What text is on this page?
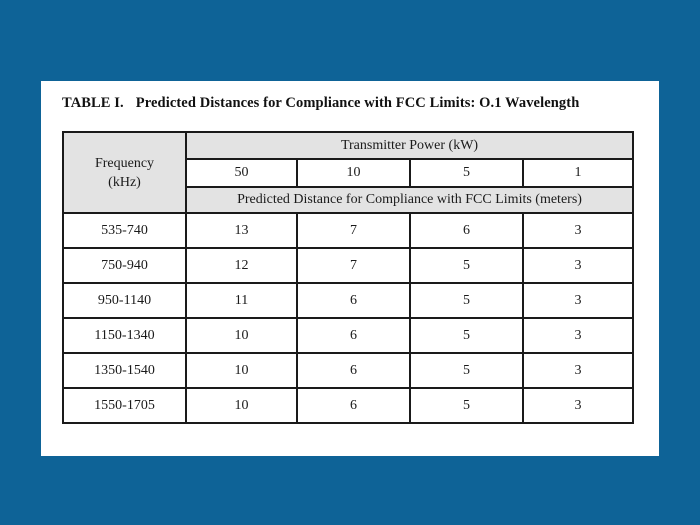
TABLE I. Predicted Distances for Compliance with FCC Limits: O.1 Wavelength
Frequency
(kHz)	Transmitter Power (kW)			
	50	10	5	1
	Predicted Distance for Compliance with FCC Limits (meters)			
535-740	13	7	6	3
750-940	12	7	5	3
950-1140	11	6	5	3
1150-1340	10	6	5	3
1350-1540	10	6	5	3
1550-1705	10	6	5	3
